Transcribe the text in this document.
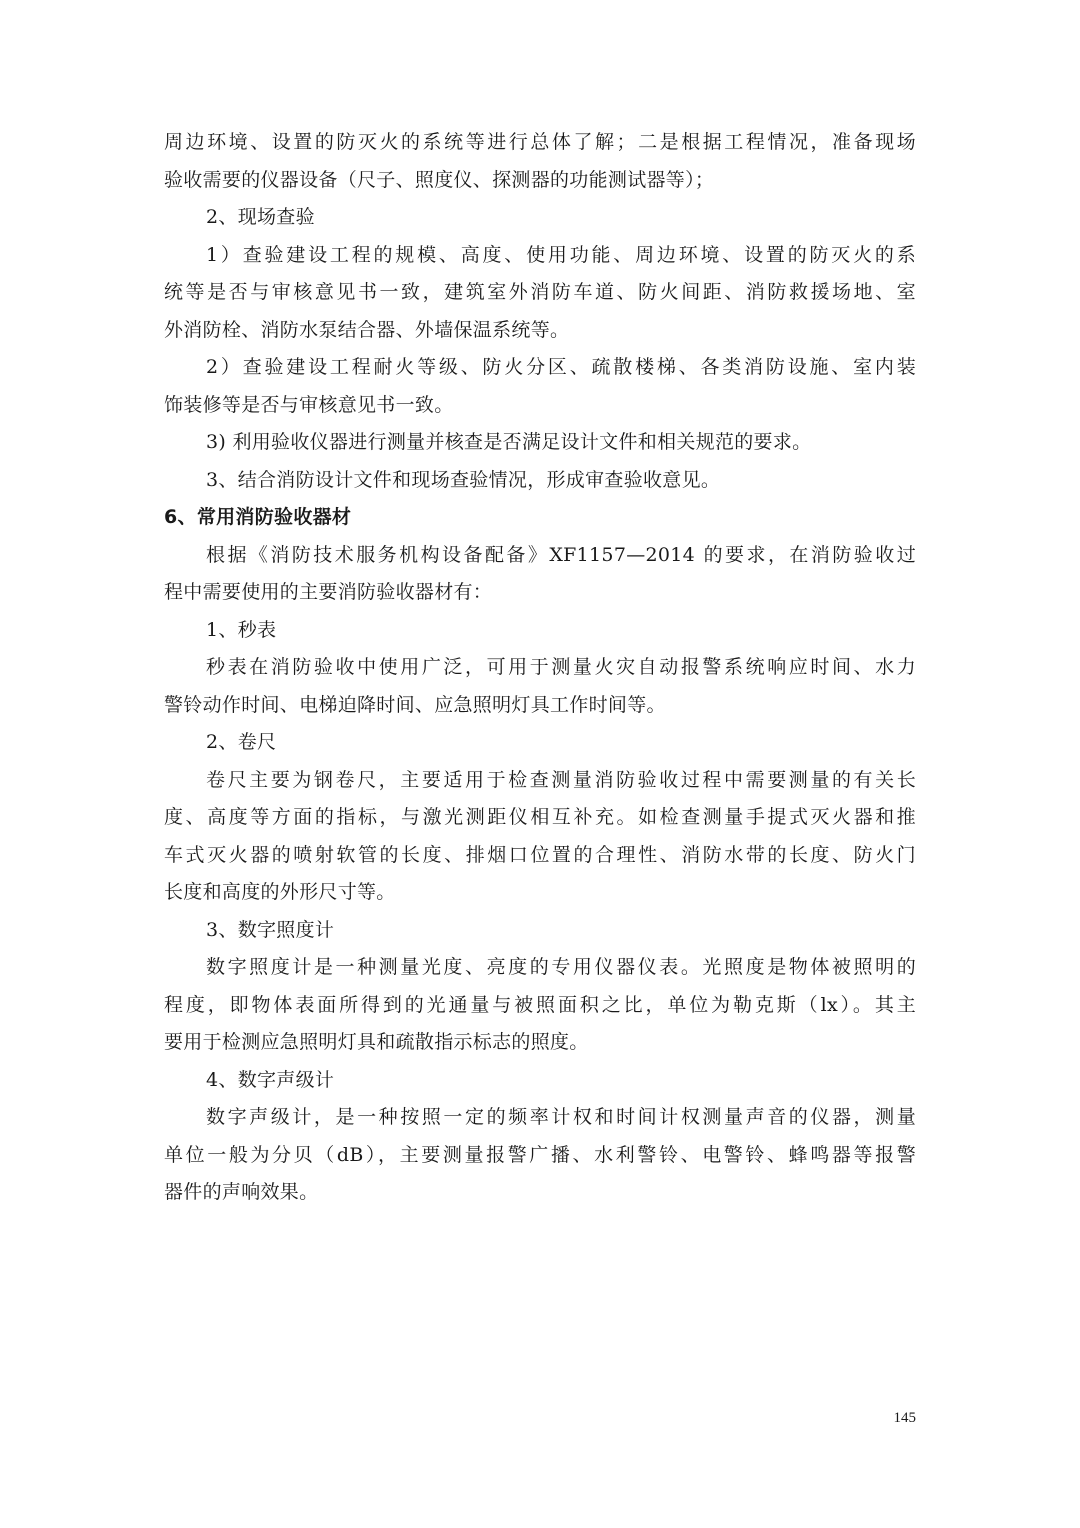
周边环境、设置的防灭火的系统等进行总体了解；二是根据工程情况，准备现场
验收需要的仪器设备（尺子、照度仪、探测器的功能测试器等）；
2、现场查验
1）查验建设工程的规模、高度、使用功能、周边环境、设置的防灭火的系
统等是否与审核意见书一致，建筑室外消防车道、防火间距、消防救援场地、室
外消防栓、消防水泵结合器、外墙保温系统等。
2）查验建设工程耐火等级、防火分区、疏散楼梯、各类消防设施、室内装
饰装修等是否与审核意见书一致。
3) 利用验收仪器进行测量并核查是否满足设计文件和相关规范的要求。
3、结合消防设计文件和现场查验情况，形成审查验收意见。
6、常用消防验收器材
根据《消防技术服务机构设备配备》XF1157—2014 的要求，在消防验收过
程中需要使用的主要消防验收器材有：
1、秒表
秒表在消防验收中使用广泛，可用于测量火灾自动报警系统响应时间、水力
警铃动作时间、电梯迫降时间、应急照明灯具工作时间等。
2、卷尺
卷尺主要为钢卷尺，主要适用于检查测量消防验收过程中需要测量的有关长
度、高度等方面的指标，与激光测距仪相互补充。如检查测量手提式灭火器和推
车式灭火器的喷射软管的长度、排烟口位置的合理性、消防水带的长度、防火门
长度和高度的外形尺寸等。
3、数字照度计
数字照度计是一种测量光度、亮度的专用仪器仪表。光照度是物体被照明的
程度，即物体表面所得到的光通量与被照面积之比，单位为勒克斯（lx）。其主
要用于检测应急照明灯具和疏散指示标志的照度。
4、数字声级计
数字声级计，是一种按照一定的频率计权和时间计权测量声音的仪器，测量
单位一般为分贝（dB），主要测量报警广播、水利警铃、电警铃、蜂鸣器等报警
器件的声响效果。
145
